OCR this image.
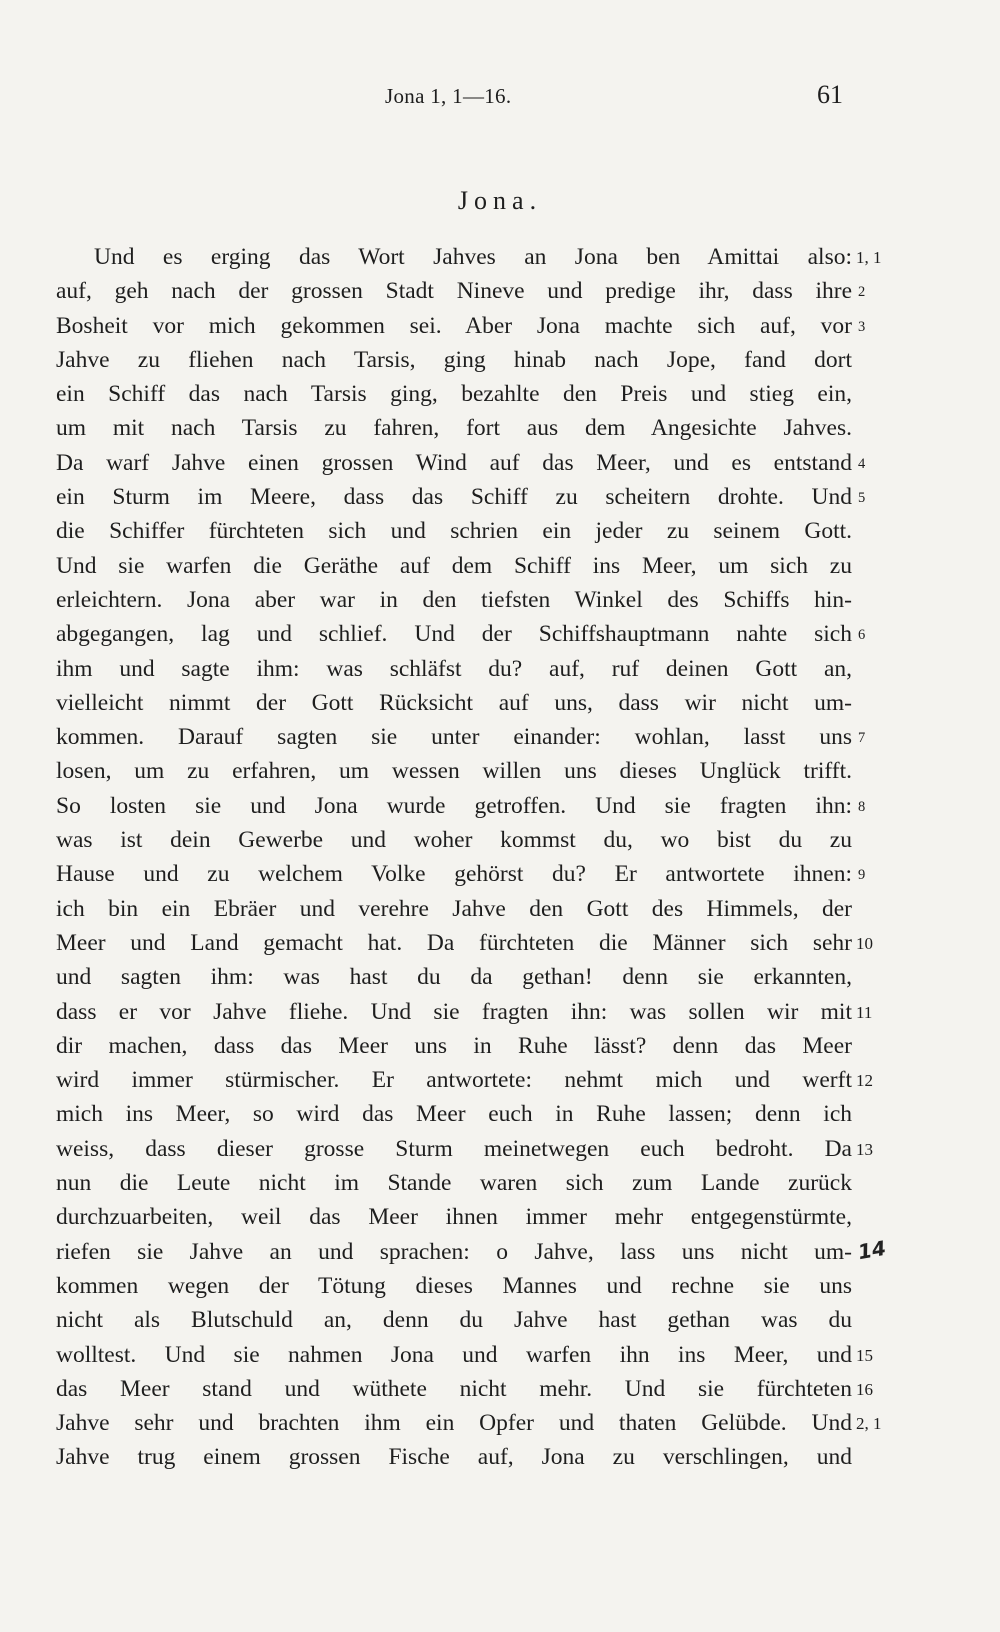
Jona 1, 1—16.	61
Jona.
Und es erging das Wort Jahves an Jona ben Amittai also: 1, 1
auf, geh nach der grossen Stadt Nineve und predige ihr, dass ihre 2
Bosheit vor mich gekommen sei. Aber Jona machte sich auf, vor 3
Jahve zu fliehen nach Tarsis, ging hinab nach Jope, fand dort
ein Schiff das nach Tarsis ging, bezahlte den Preis und stieg ein,
um mit nach Tarsis zu fahren, fort aus dem Angesichte Jahves.
Da warf Jahve einen grossen Wind auf das Meer, und es entstand 4
ein Sturm im Meere, dass das Schiff zu scheitern drohte. Und 5
die Schiffer fürchteten sich und schrien ein jeder zu seinem Gott.
Und sie warfen die Geräthe auf dem Schiff ins Meer, um sich zu
erleichtern. Jona aber war in den tiefsten Winkel des Schiffs hin-
abgegangen, lag und schlief. Und der Schiffshauptmann nahte sich 6
ihm und sagte ihm: was schläfst du? auf, ruf deinen Gott an,
vielleicht nimmt der Gott Rücksicht auf uns, dass wir nicht um-
kommen. Darauf sagten sie unter einander: wohlan, lasst uns 7
losen, um zu erfahren, um wessen willen uns dieses Unglück trifft.
So losten sie und Jona wurde getroffen. Und sie fragten ihn: 8
was ist dein Gewerbe und woher kommst du, wo bist du zu
Hause und zu welchem Volke gehörst du? Er antwortete ihnen: 9
ich bin ein Ebräer und verehre Jahve den Gott des Himmels, der
Meer und Land gemacht hat. Da fürchteten die Männer sich sehr 10
und sagten ihm: was hast du da gethan! denn sie erkannten,
dass er vor Jahve fliehe. Und sie fragten ihn: was sollen wir mit 11
dir machen, dass das Meer uns in Ruhe lässt? denn das Meer
wird immer stürmischer. Er antwortete: nehmt mich und werft 12
mich ins Meer, so wird das Meer euch in Ruhe lassen; denn ich
weiss, dass dieser grosse Sturm meinetwegen euch bedroht. Da 13
nun die Leute nicht im Stande waren sich zum Lande zurück
durchzuarbeiten, weil das Meer ihnen immer mehr entgegenstürmte,
riefen sie Jahve an und sprachen: o Jahve, lass uns nicht um- 14
kommen wegen der Tötung dieses Mannes und rechne sie uns
nicht als Blutschuld an, denn du Jahve hast gethan was du
wolltest. Und sie nahmen Jona und warfen ihn ins Meer, und 15
das Meer stand und wüthete nicht mehr. Und sie fürchteten 16
Jahve sehr und brachten ihm ein Opfer und thaten Gelübde. Und 2, 1
Jahve trug einem grossen Fische auf, Jona zu verschlingen, und
